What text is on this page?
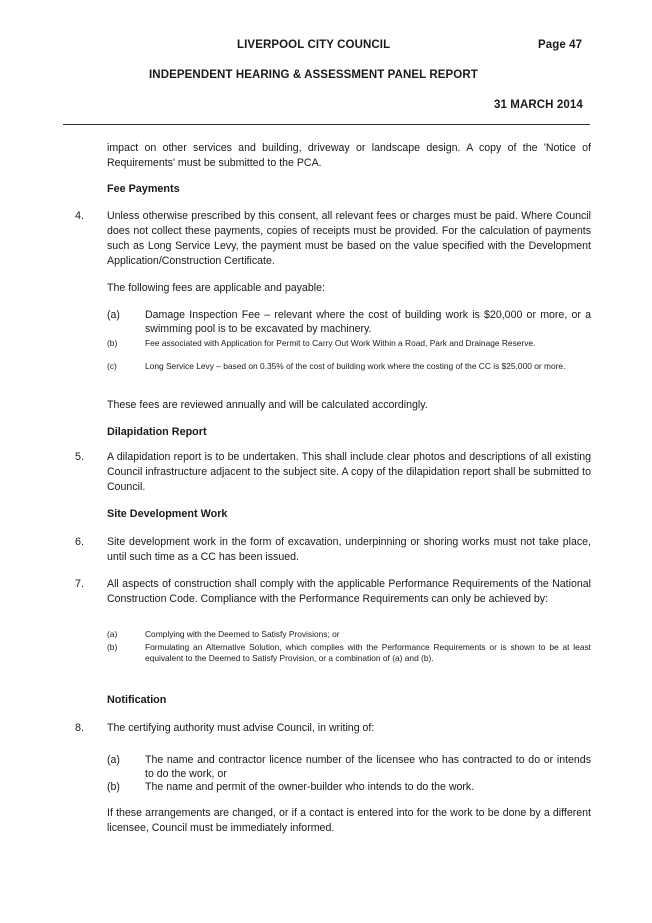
LIVERPOOL CITY COUNCIL	Page 47
INDEPENDENT HEARING & ASSESSMENT PANEL REPORT
31 MARCH 2014
impact on other services and building, driveway or landscape design. A copy of the 'Notice of Requirements' must be submitted to the PCA.
Fee Payments
4. Unless otherwise prescribed by this consent, all relevant fees or charges must be paid. Where Council does not collect these payments, copies of receipts must be provided. For the calculation of payments such as Long Service Levy, the payment must be based on the value specified with the Development Application/Construction Certificate.
The following fees are applicable and payable:
(a) Damage Inspection Fee – relevant where the cost of building work is $20,000 or more, or a swimming pool is to be excavated by machinery.
(b)	Fee associated with Application for Permit to Carry Out Work Within a Road, Park and Drainage Reserve.
(c)	Long Service Levy – based on 0.35% of the cost of building work where the costing of the CC is $25,000 or more.
These fees are reviewed annually and will be calculated accordingly.
Dilapidation Report
5. A dilapidation report is to be undertaken. This shall include clear photos and descriptions of all existing Council infrastructure adjacent to the subject site. A copy of the dilapidation report shall be submitted to Council.
Site Development Work
6. Site development work in the form of excavation, underpinning or shoring works must not take place, until such time as a CC has been issued.
7. All aspects of construction shall comply with the applicable Performance Requirements of the National Construction Code. Compliance with the Performance Requirements can only be achieved by:
(a)	Complying with the Deemed to Satisfy Provisions; or
(b)	Formulating an Alternative Solution, which complies with the Performance Requirements or is shown to be at least equivalent to the Deemed to Satisfy Provision, or a combination of (a) and (b).
Notification
8. The certifying authority must advise Council, in writing of:
(a) The name and contractor licence number of the licensee who has contracted to do or intends to do the work, or
(b) The name and permit of the owner-builder who intends to do the work.
If these arrangements are changed, or if a contact is entered into for the work to be done by a different licensee, Council must be immediately informed.
